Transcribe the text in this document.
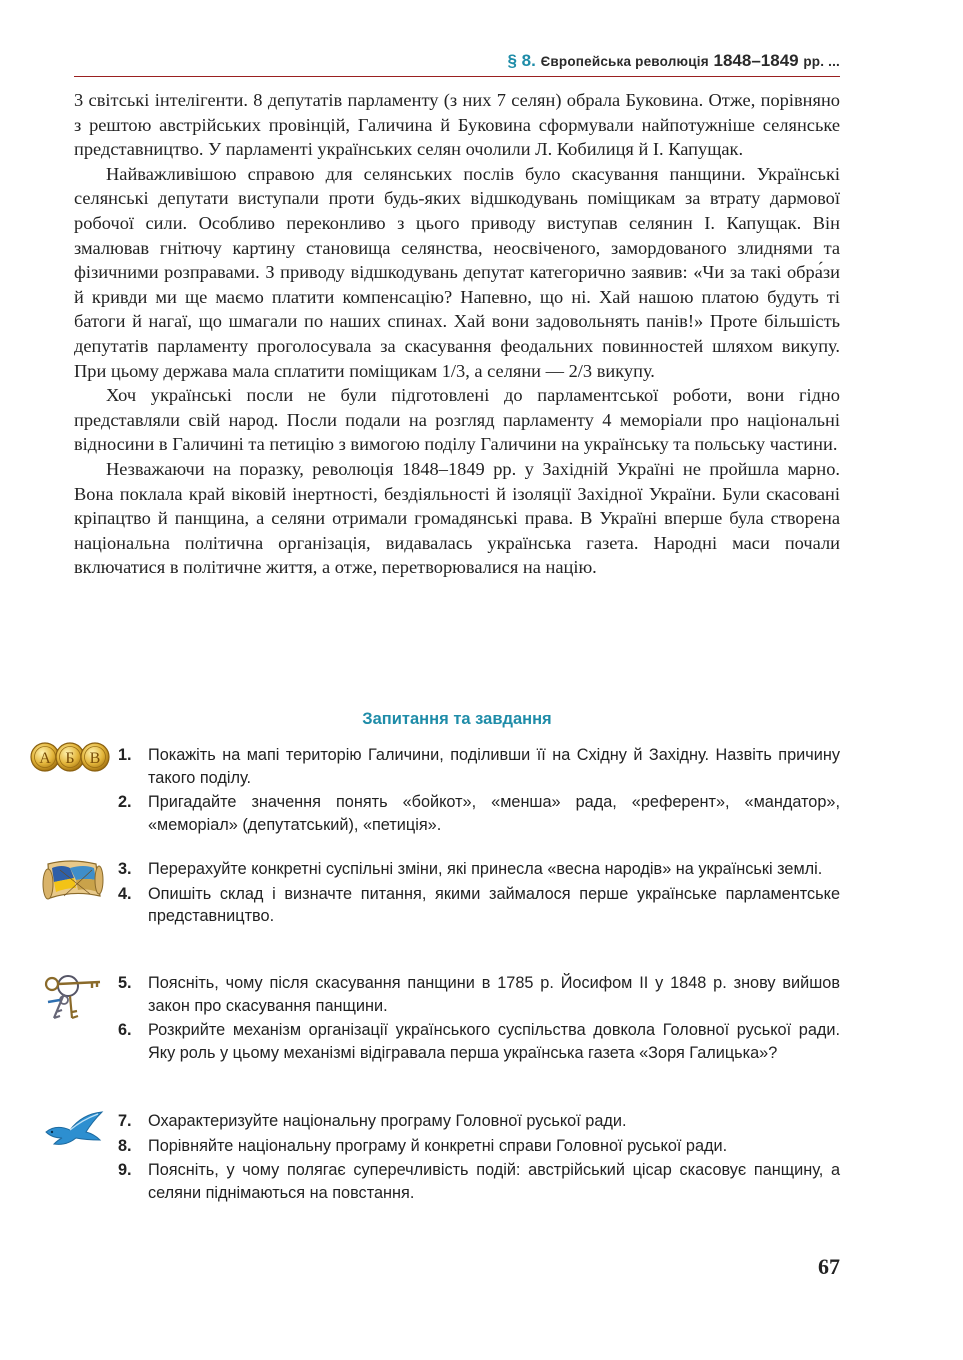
§ 8. Європейська революція 1848–1849 рр. ...

3 світські інтелігенти. 8 депутатів парламенту (з них 7 селян) обрала Буковина. Отже, порівняно з рештою австрійських провінцій, Галичина й Буковина сформували найпотужніше селянське представництво. У парламенті українських селян очолили Л. Кобилиця й І. Капущак.

Найважливішою справою для селянських послів було скасування панщини. Українські селянські депутати виступали проти будь-яких відшкодувань поміщикам за втрату дармової робочої сили. Особливо переконливо з цього приводу виступав селянин І. Капущак. Він змалював гнітючу картину становища селянства, неосвіченого, замордованого злиднями та фізичними розправами. З приводу відшкодувань депутат категорично заявив: «Чи за такі обра́зи й кривди ми ще маємо платити компенсацію? Напевно, що ні. Хай нашою платою будуть ті батоги й нагаї, що шмагали по наших спинах. Хай вони задовольнять панів!» Проте більшість депутатів парламенту проголосувала за скасування феодальних повинностей шляхом викупу. При цьому держава мала сплатити поміщикам 1/3, а селяни — 2/3 викупу.

Хоч українські посли не були підготовлені до парламентської роботи, вони гідно представляли свій народ. Посли подали на розгляд парламенту 4 меморіали про національні відносини в Галичині та петицію з вимогою поділу Галичини на українську та польську частини.

Незважаючи на поразку, революція 1848–1849 рр. у Західній Україні не пройшла марно. Вона поклала край віковій інертності, бездіяльності й ізоляції Західної України. Були скасовані кріпацтво й панщина, а селяни отримали громадянські права. В Україні вперше була створена національна політична організація, видавалась українська газета. Народні маси почали включатися в політичне життя, а отже, перетворювалися на націю.

Запитання та завдання
А Б В 1. Покажіть на мапі територію Галичини, поділивши її на Східну й Західну. Назвіть причину такого поділу.
2. Пригадайте значення понять «бойкот», «менша» рада, «референт», «мандатор», «меморіал» (депутатський), «петиція».
3. Перерахуйте конкретні суспільні зміни, які принесла «весна народів» на українські землі.
4. Опишіть склад і визначте питання, якими займалося перше українське парламентське представництво.
5. Поясніть, чому після скасування панщини в 1785 р. Йосифом II у 1848 р. знову вийшов закон про скасування панщини.
6. Розкрийте механізм організації українського суспільства довкола Головної руської ради. Яку роль у цьому механізмі відігравала перша українська газета «Зоря Галицька»?
7. Охарактеризуйте національну програму Головної руської ради.
8. Порівняйте національну програму й конкретні справи Головної руської ради.
9. Поясніть, у чому полягає суперечливість подій: австрійський цісар скасовує панщину, а селяни піднімаються на повстання.
67
